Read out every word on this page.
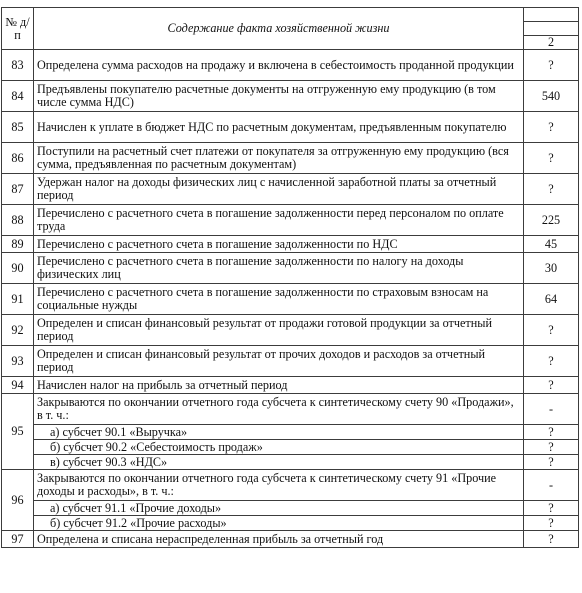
№ д/п	Содержание факта хозяйственной жизни	

		2
83	Определена сумма расходов на продажу и включена в себестоимость проданной продукции	?
84	Предъявлены покупателю расчетные документы на отгруженную ему продукцию (в том числе сумма НДС)	540
85	Начислен к уплате в бюджет НДС по расчетным документам, предъявленным покупателю	?
86	Поступили на расчетный счет платежи от покупателя за отгруженную ему продукцию (вся сумма, предъявленная по расчетным документам)	?
87	Удержан налог на доходы физических лиц с начисленной заработной платы за отчетный период	?
88	Перечислено с расчетного счета в погашение задолженности перед персоналом по оплате труда	225
89	Перечислено с расчетного счета в погашение задолженности по НДС	45
90	Перечислено с расчетного счета в погашение задолженности по налогу на доходы физических лиц	30
91	Перечислено с расчетного счета в погашение задолженности по страховым взносам на социальные нужды	64
92	Определен и списан финансовый результат от продажи готовой продукции за отчетный период	?
93	Определен и списан финансовый результат от прочих доходов и расходов за отчетный период	?
94	Начислен налог на прибыль за отчетный период	?
95	Закрываются по окончании отчетного года субсчета к синтетическому счету 90 «Продажи», в т. ч.:	-
	а) субсчет 90.1 «Выручка»	?
	б) субсчет 90.2 «Себестоимость продаж»	?
	в) субсчет 90.3 «НДС»	?
96	Закрываются по окончании отчетного года субсчета к синтетическому счету 91 «Прочие доходы и расходы», в т. ч.:	-
	а) субсчет 91.1 «Прочие доходы»	?
	б) субсчет 91.2 «Прочие расходы»	?
97	Определена и списана нераспределенная прибыль за отчетный год	?
